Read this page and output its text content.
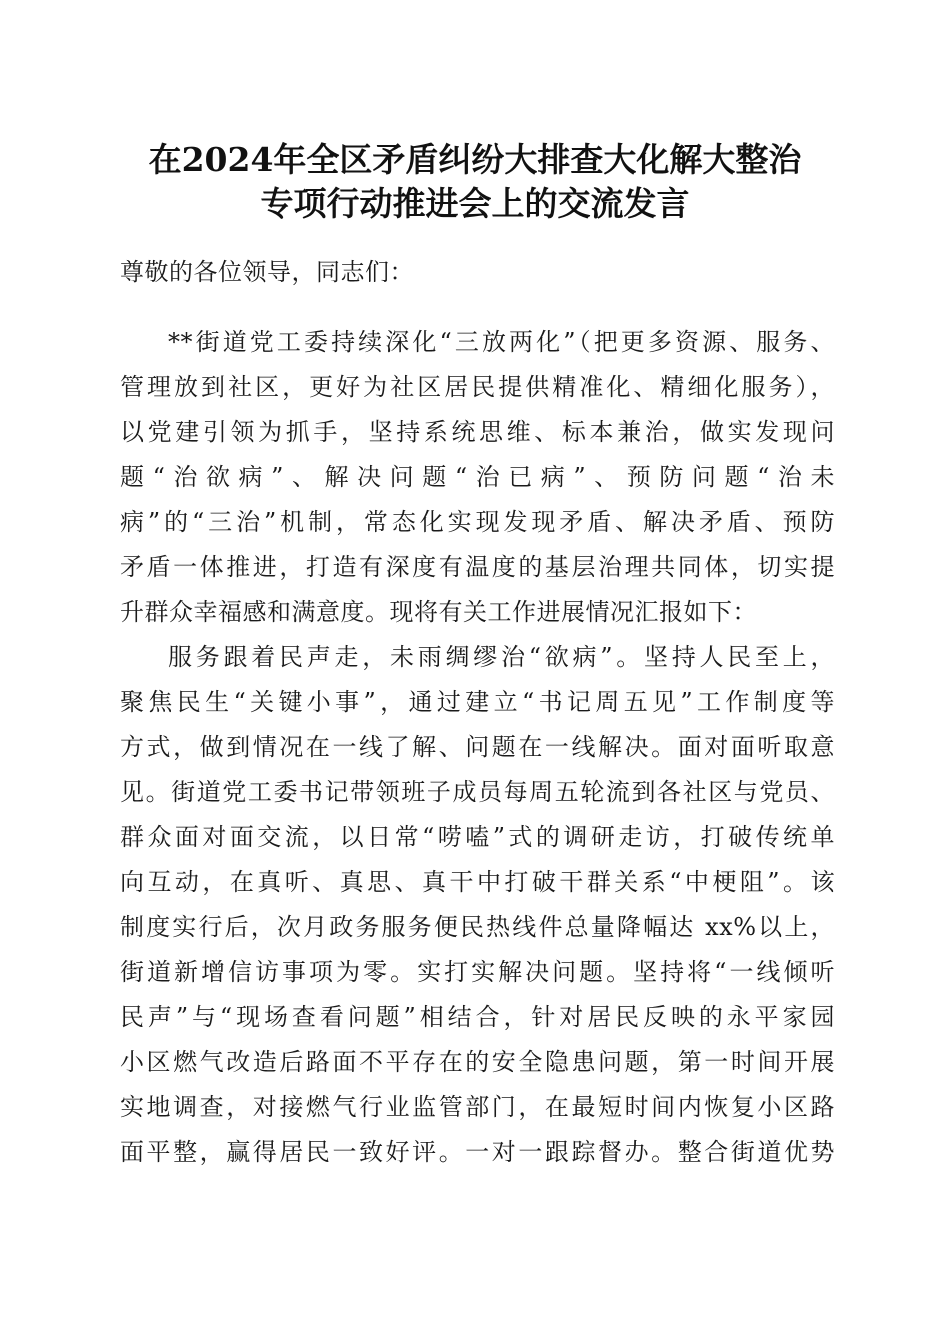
在2024年全区矛盾纠纷大排查大化解大整治
专项行动推进会上的交流发言
尊敬的各位领导，同志们：
**街道党工委持续深化“三放两化”（把更多资源、服务、
管理放到社区，更好为社区居民提供精准化、精细化服务），
以党建引领为抓手，坚持系统思维、标本兼治，做实发现问
题“治欲病”、解决问题“治已病”、预防问题“治未
病”的“三治”机制，常态化实现发现矛盾、解决矛盾、预防
矛盾一体推进，打造有深度有温度的基层治理共同体，切实提
升群众幸福感和满意度。现将有关工作进展情况汇报如下：
服务跟着民声走，未雨绸缪治“欲病”。坚持人民至上，
聚焦民生“关键小事”，通过建立“书记周五见”工作制度等
方式，做到情况在一线了解、问题在一线解决。面对面听取意
见。街道党工委书记带领班子成员每周五轮流到各社区与党员、
群众面对面交流，以日常“唠嗑”式的调研走访，打破传统单
向互动，在真听、真思、真干中打破干群关系“中梗阻”。该
制度实行后，次月政务服务便民热线件总量降幅达 xx%以上，
街道新增信访事项为零。实打实解决问题。坚持将“一线倾听
民声”与“现场查看问题”相结合，针对居民反映的永平家园
小区燃气改造后路面不平存在的安全隐患问题，第一时间开展
实地调查，对接燃气行业监管部门，在最短时间内恢复小区路
面平整，赢得居民一致好评。一对一跟踪督办。整合街道优势
